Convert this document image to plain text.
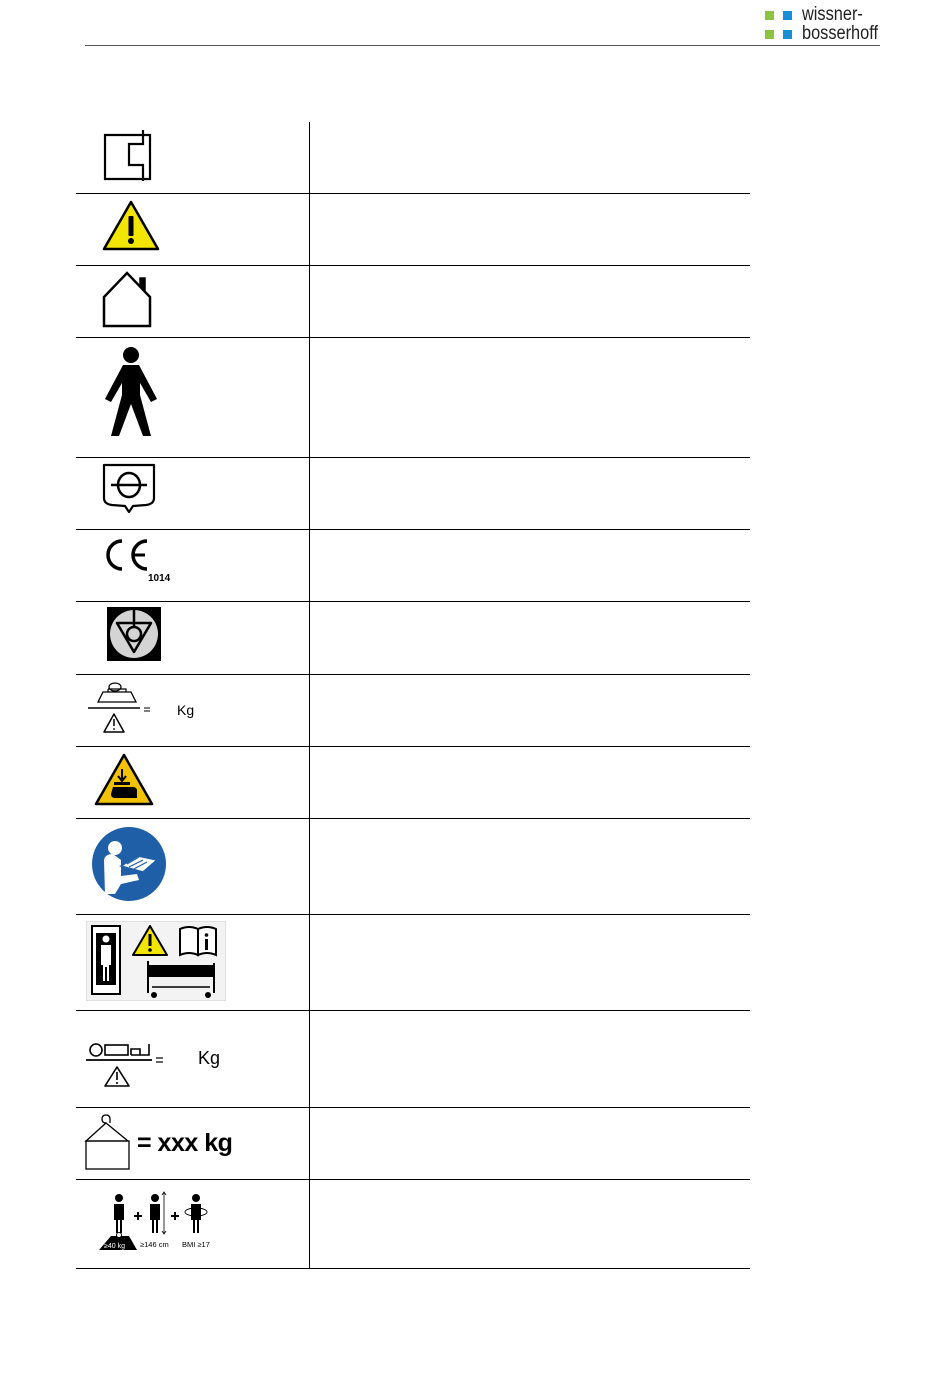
wissner-
bosserhoff
1014
Kg
Kg
= xxx kg
≥40 kg ≥146 cm BMI ≥17
